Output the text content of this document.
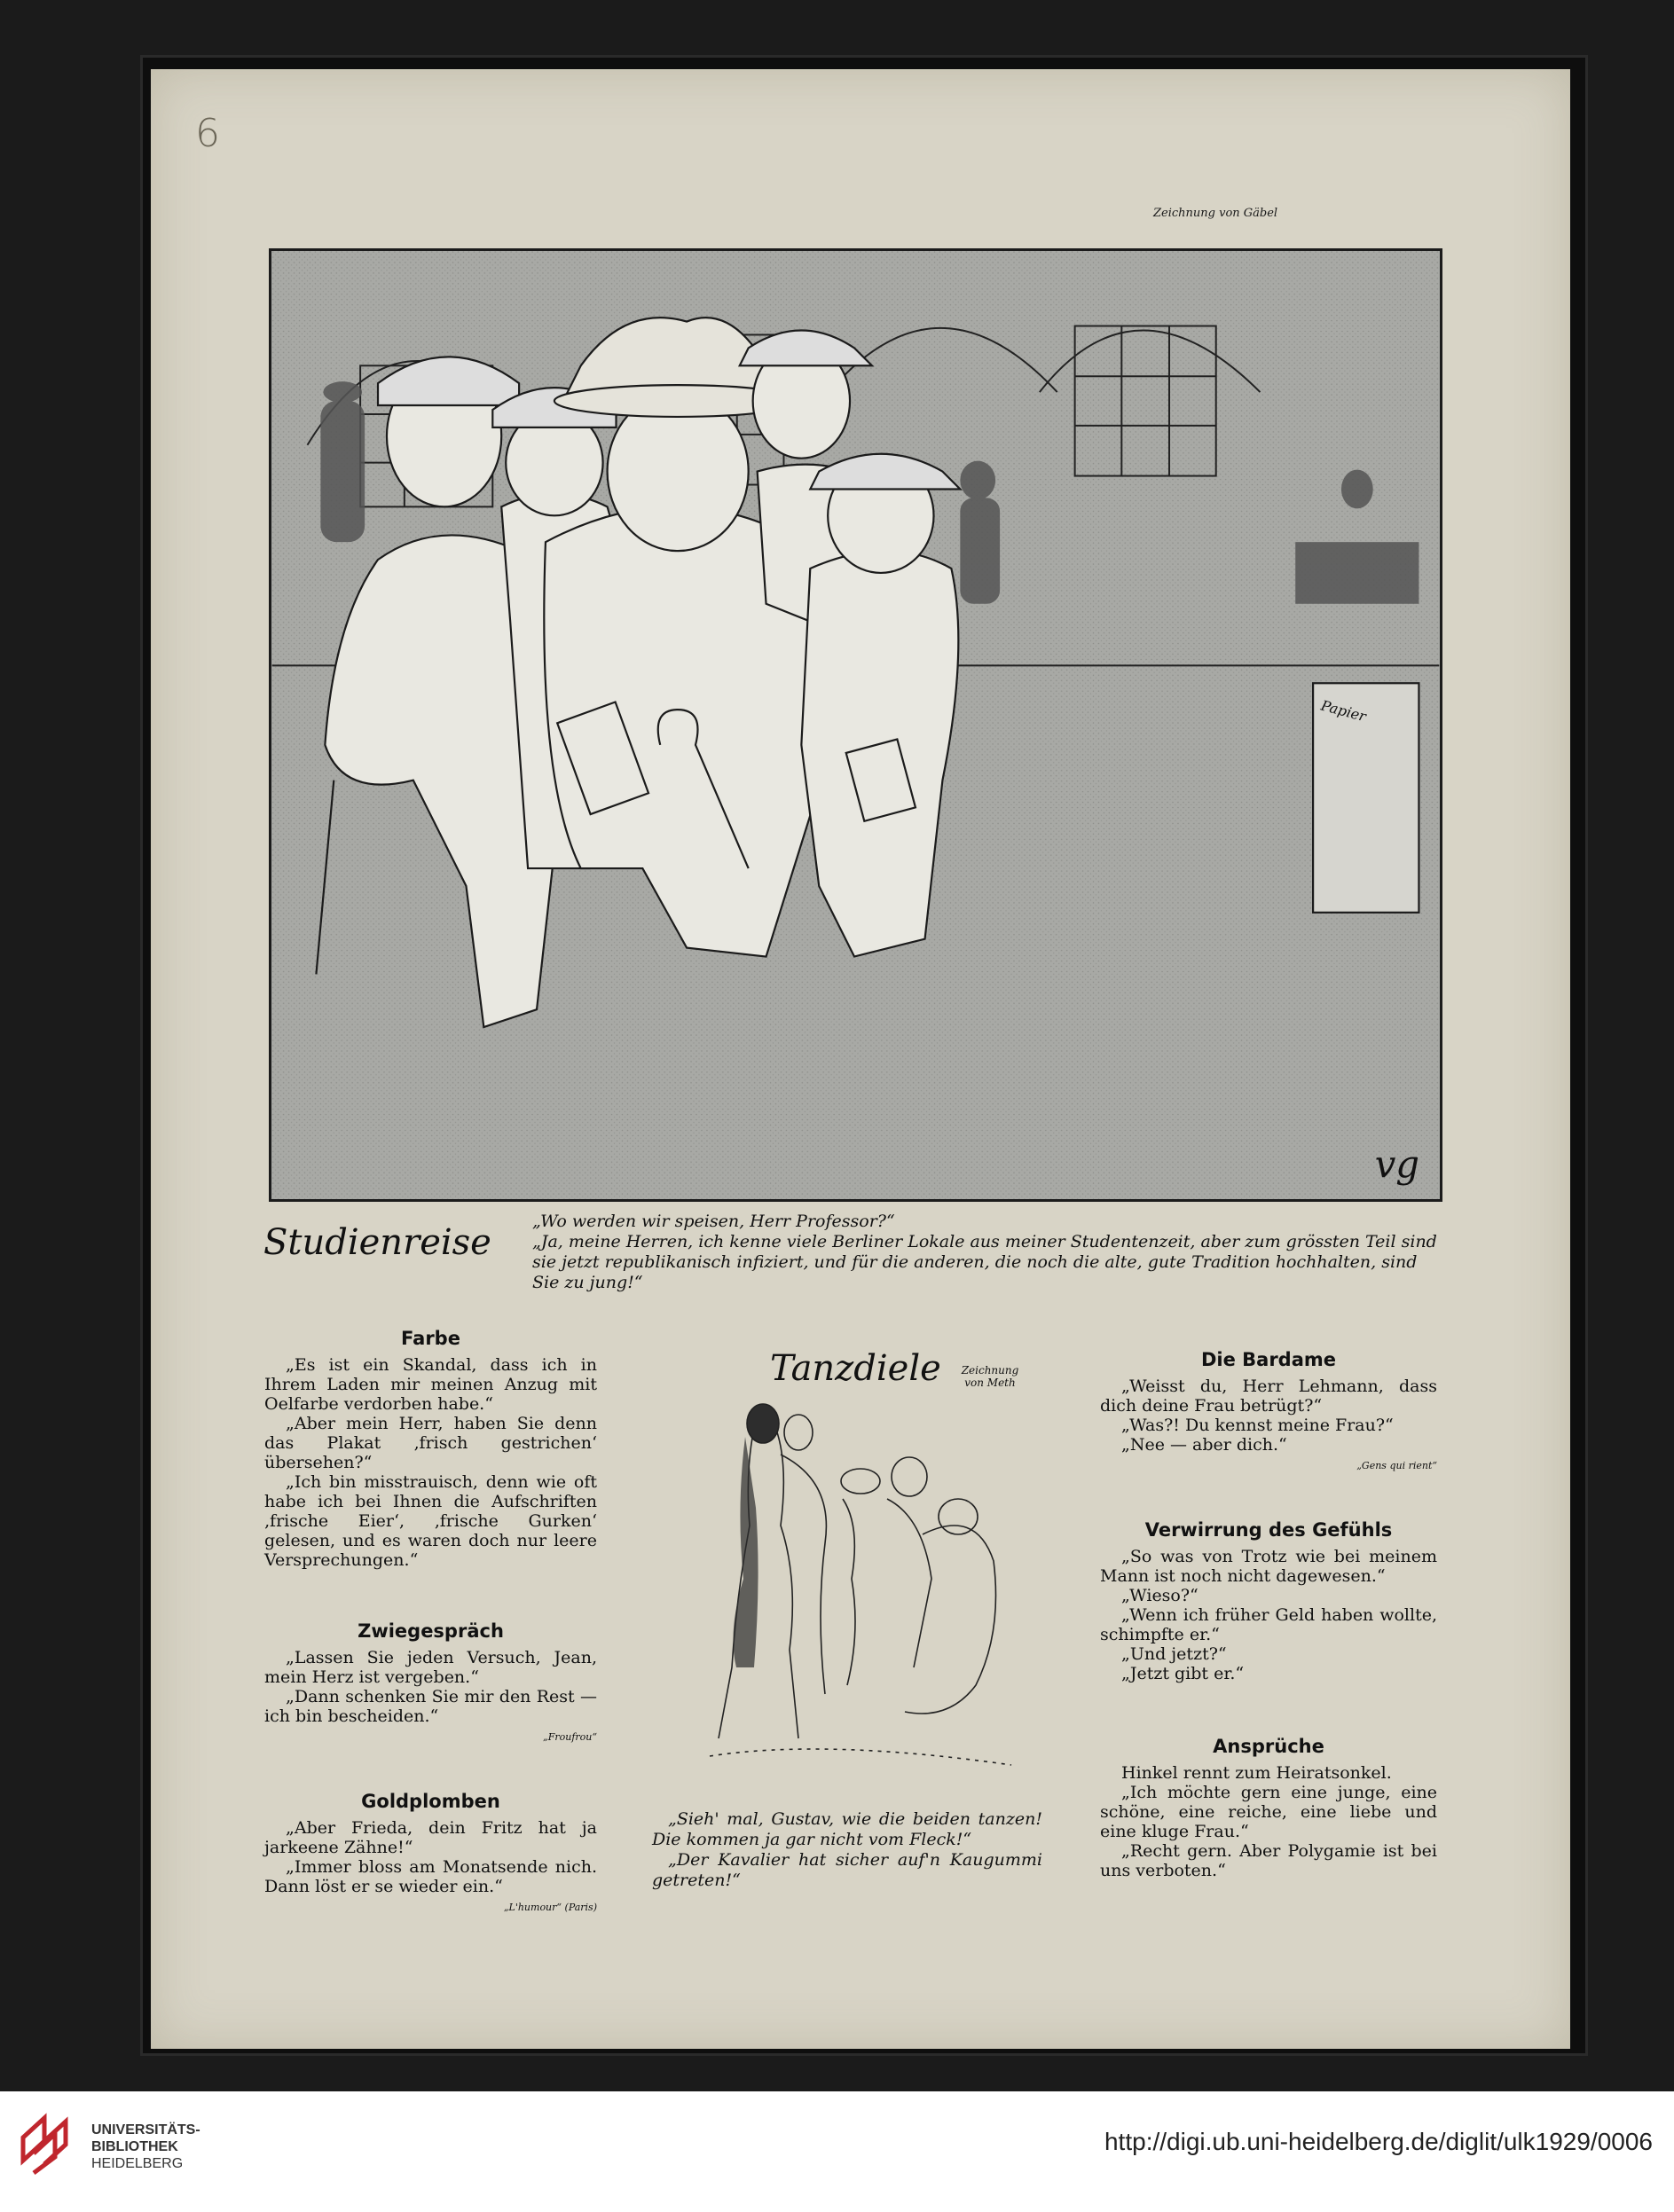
6
Zeichnung von Gäbel
Papier
vg
Studienreise

„Wo werden wir speisen, Herr Professor?“

„Ja, meine Herren, ich kenne viele Berliner Lokale aus meiner Studentenzeit, aber zum grössten Teil sind sie jetzt republikanisch infiziert, und für die anderen, die noch die alte, gute Tradition hochhalten, sind Sie zu jung!“

Farbe

„Es ist ein Skandal, dass ich in Ihrem Laden mir meinen Anzug mit Oelfarbe verdorben habe.“

„Aber mein Herr, haben Sie denn das Plakat ‚frisch gestrichen‘ übersehen?“

„Ich bin misstrauisch, denn wie oft habe ich bei Ihnen die Aufschriften ‚frische Eier‘, ‚frische Gurken‘ gelesen, und es waren doch nur leere Versprechungen.“

Zwiegespräch

„Lassen Sie jeden Versuch, Jean, mein Herz ist vergeben.“

„Dann schenken Sie mir den Rest — ich bin bescheiden.“

„Froufrou“
Goldplomben

„Aber Frieda, dein Fritz hat ja jarkeene Zähne!“

„Immer bloss am Monatsende nich. Dann löst er se wieder ein.“

„L'humour“ (Paris)
Tanzdiele	Zeichnung
von Meth

„Sieh' mal, Gustav, wie die beiden tanzen! Die kommen ja gar nicht vom Fleck!“

„Der Kavalier hat sicher auf'n Kaugummi getreten!“

Die Bardame

„Weisst du, Herr Lehmann, dass dich deine Frau betrügt?“

„Was?! Du kennst meine Frau?“

„Nee — aber dich.“

„Gens qui rient“
Verwirrung des Gefühls

„So was von Trotz wie bei meinem Mann ist noch nicht dagewesen.“

„Wieso?“

„Wenn ich früher Geld haben wollte, schimpfte er.“

„Und jetzt?“

„Jetzt gibt er.“

Ansprüche

Hinkel rennt zum Heiratsonkel.

„Ich möchte gern eine junge, eine schöne, eine reiche, eine liebe und eine kluge Frau.“

„Recht gern. Aber Polygamie ist bei uns verboten.“

UNIVERSITÄTS-
BIBLIOTHEK
HEIDELBERG
http://digi.ub.uni-heidelberg.de/diglit/ulk1929/0006
